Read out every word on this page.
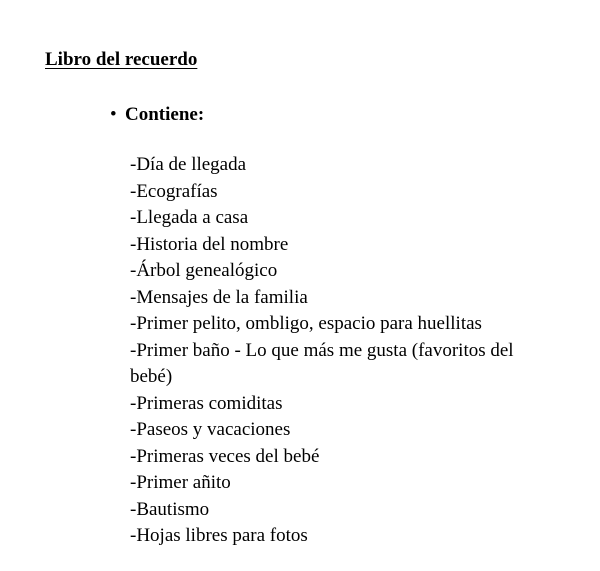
Libro del recuerdo
• Contiene:
-Día de llegada
-Ecografías
-Llegada a casa
-Historia del nombre
-Árbol genealógico
-Mensajes de la familia
-Primer pelito, ombligo, espacio para huellitas
-Primer baño - Lo que más me gusta (favoritos del bebé)
-Primeras comiditas
-Paseos y vacaciones
-Primeras veces del bebé
-Primer añito
-Bautismo
-Hojas libres para fotos
